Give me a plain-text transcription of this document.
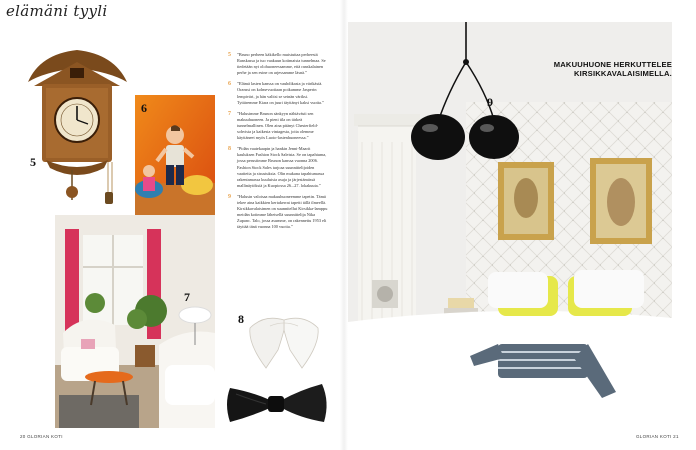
elämäni tyyli
5
6
7
8
5 ”Bruno perheen käkikello muistuttaa perheestä Ranskassa ja tuo vaakuun kotimaista tunnelmaa. Se tiedetään nyt olohuoneessamme, että ranskalainen perhe ja sen esine on arjessamme läsnä.”
6 ”Elämä lasten kanssa on vauhdikasta ja värikästä. Oranssi on kolmevuotiaan poikamme Jasperin lempiväri, ja hän valitsi se seinän väriksi. Tyttäremme Kiara on juuri täyttänyt kaksi vuotta.”
7 ”Halusimme Brunon sänkyyn nähtävästi sen makuuhuoneen. Ja pieni tila on tärkeä tunnelmallinen. Olen aina pitänyt Chesterfield-sohvista ja kaikesta vintagesta, joita olemme käyttäneet myös Luoto-lastenhuoneessa.”
8 ”Pidän vaatekaapin ja hankin Jenni-Maarit kauluksen Fashion Stock Saleista. Se on tapahtuma, jossa perustimme Brunon kanssa vuonna 2006. Fashion Stock Sales tarjoaa suunnittelijoiden vaatteita ja sisustuksia. Olin mukana tapahtumassa rakentamassa kuuluisia asuja ja järjestämässä mallinäytöksiä ja Kuopiossa 26.–27. lokakuuta.”
9 ”Halusin valoisaa makuuhuoneemme tapetin. Tämä tekee aina kaikkien kertakerrat tapetti tällä ilmeellä. Kirsikkavalaisimen on suunnitellut Kirsikka-lamppu meidän kotimme läheisellä suunnittelija Nika Zupanc. Talo, jossa asumme, on rakennettu 1953 eli täyttää tänä vuonna 100 vuotta.”
9
MAKUUHUONE HERKUTTELEE
KIRSIKKAVALAISIMELLA.
20 GLORIAN KOTI	GLORIAN KOTI 21
